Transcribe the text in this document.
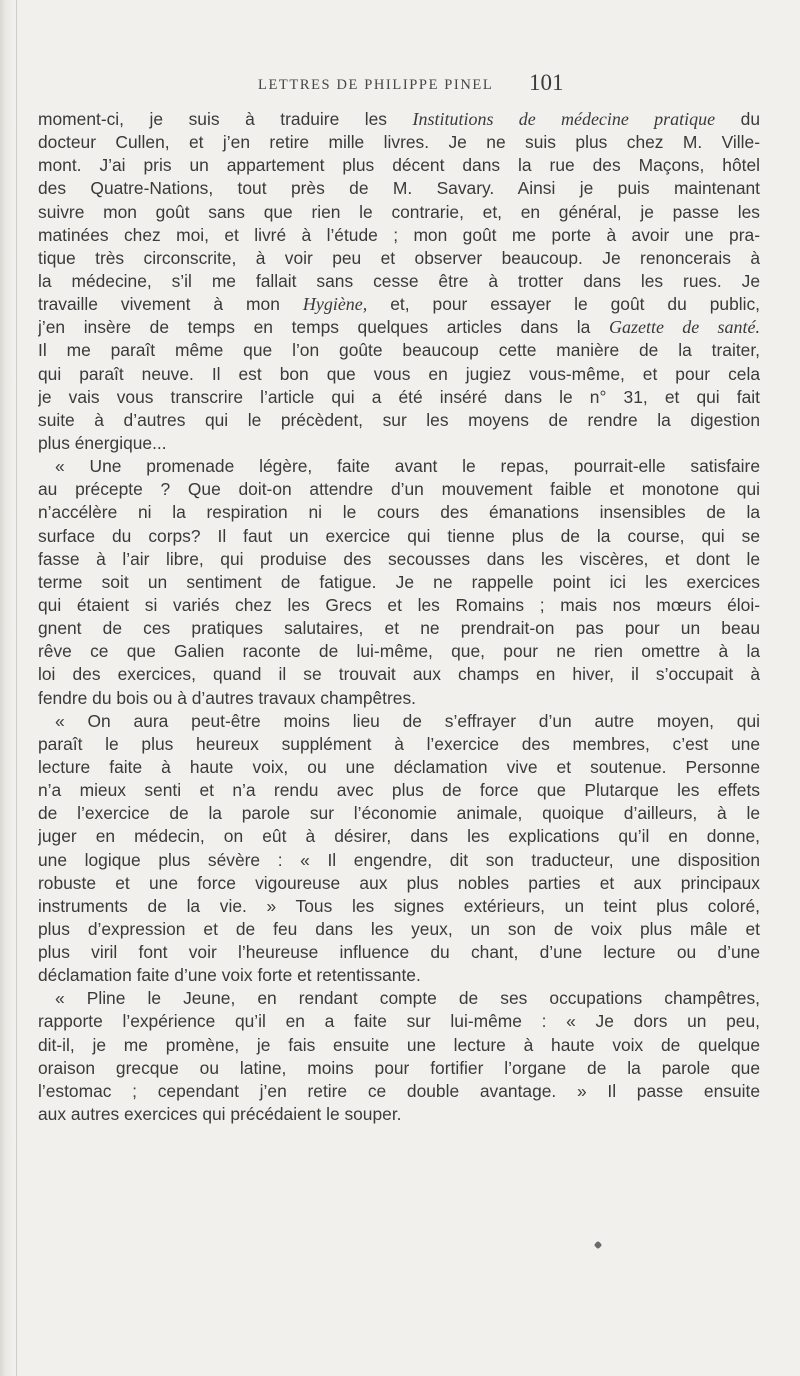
LETTRES DE PHILIPPE PINEL 101
moment-ci, je suis à traduire les Institutions de médecine pratique du
docteur Cullen, et j’en retire mille livres. Je ne suis plus chez M. Ville-
mont. J’ai pris un appartement plus décent dans la rue des Maçons, hôtel
des Quatre-Nations, tout près de M. Savary. Ainsi je puis maintenant
suivre mon goût sans que rien le contrarie, et, en général, je passe les
matinées chez moi, et livré à l’étude ; mon goût me porte à avoir une pra-
tique très circonscrite, à voir peu et observer beaucoup. Je renoncerais à
la médecine, s’il me fallait sans cesse être à trotter dans les rues. Je
travaille vivement à mon Hygiène, et, pour essayer le goût du public,
j’en insère de temps en temps quelques articles dans la Gazette de santé.
Il me paraît même que l’on goûte beaucoup cette manière de la traiter,
qui paraît neuve. Il est bon que vous en jugiez vous-même, et pour cela
je vais vous transcrire l’article qui a été inséré dans le n° 31, et qui fait
suite à d’autres qui le précèdent, sur les moyens de rendre la digestion
plus énergique...
« Une promenade légère, faite avant le repas, pourrait-elle satisfaire
au précepte ? Que doit-on attendre d’un mouvement faible et monotone qui
n’accélère ni la respiration ni le cours des émanations insensibles de la
surface du corps? Il faut un exercice qui tienne plus de la course, qui se
fasse à l’air libre, qui produise des secousses dans les viscères, et dont le
terme soit un sentiment de fatigue. Je ne rappelle point ici les exercices
qui étaient si variés chez les Grecs et les Romains ; mais nos mœurs éloi-
gnent de ces pratiques salutaires, et ne prendrait-on pas pour un beau
rêve ce que Galien raconte de lui-même, que, pour ne rien omettre à la
loi des exercices, quand il se trouvait aux champs en hiver, il s’occupait à
fendre du bois ou à d’autres travaux champêtres.
« On aura peut-être moins lieu de s’effrayer d’un autre moyen, qui
paraît le plus heureux supplément à l’exercice des membres, c’est une
lecture faite à haute voix, ou une déclamation vive et soutenue. Personne
n’a mieux senti et n’a rendu avec plus de force que Plutarque les effets
de l’exercice de la parole sur l’économie animale, quoique d’ailleurs, à le
juger en médecin, on eût à désirer, dans les explications qu’il en donne,
une logique plus sévère : « Il engendre, dit son traducteur, une disposition
robuste et une force vigoureuse aux plus nobles parties et aux principaux
instruments de la vie. » Tous les signes extérieurs, un teint plus coloré,
plus d’expression et de feu dans les yeux, un son de voix plus mâle et
plus viril font voir l’heureuse influence du chant, d’une lecture ou d’une
déclamation faite d’une voix forte et retentissante.
« Pline le Jeune, en rendant compte de ses occupations champêtres,
rapporte l’expérience qu’il en a faite sur lui-même : « Je dors un peu,
dit-il, je me promène, je fais ensuite une lecture à haute voix de quelque
oraison grecque ou latine, moins pour fortifier l’organe de la parole que
l’estomac ; cependant j’en retire ce double avantage. » Il passe ensuite
aux autres exercices qui précédaient le souper.
